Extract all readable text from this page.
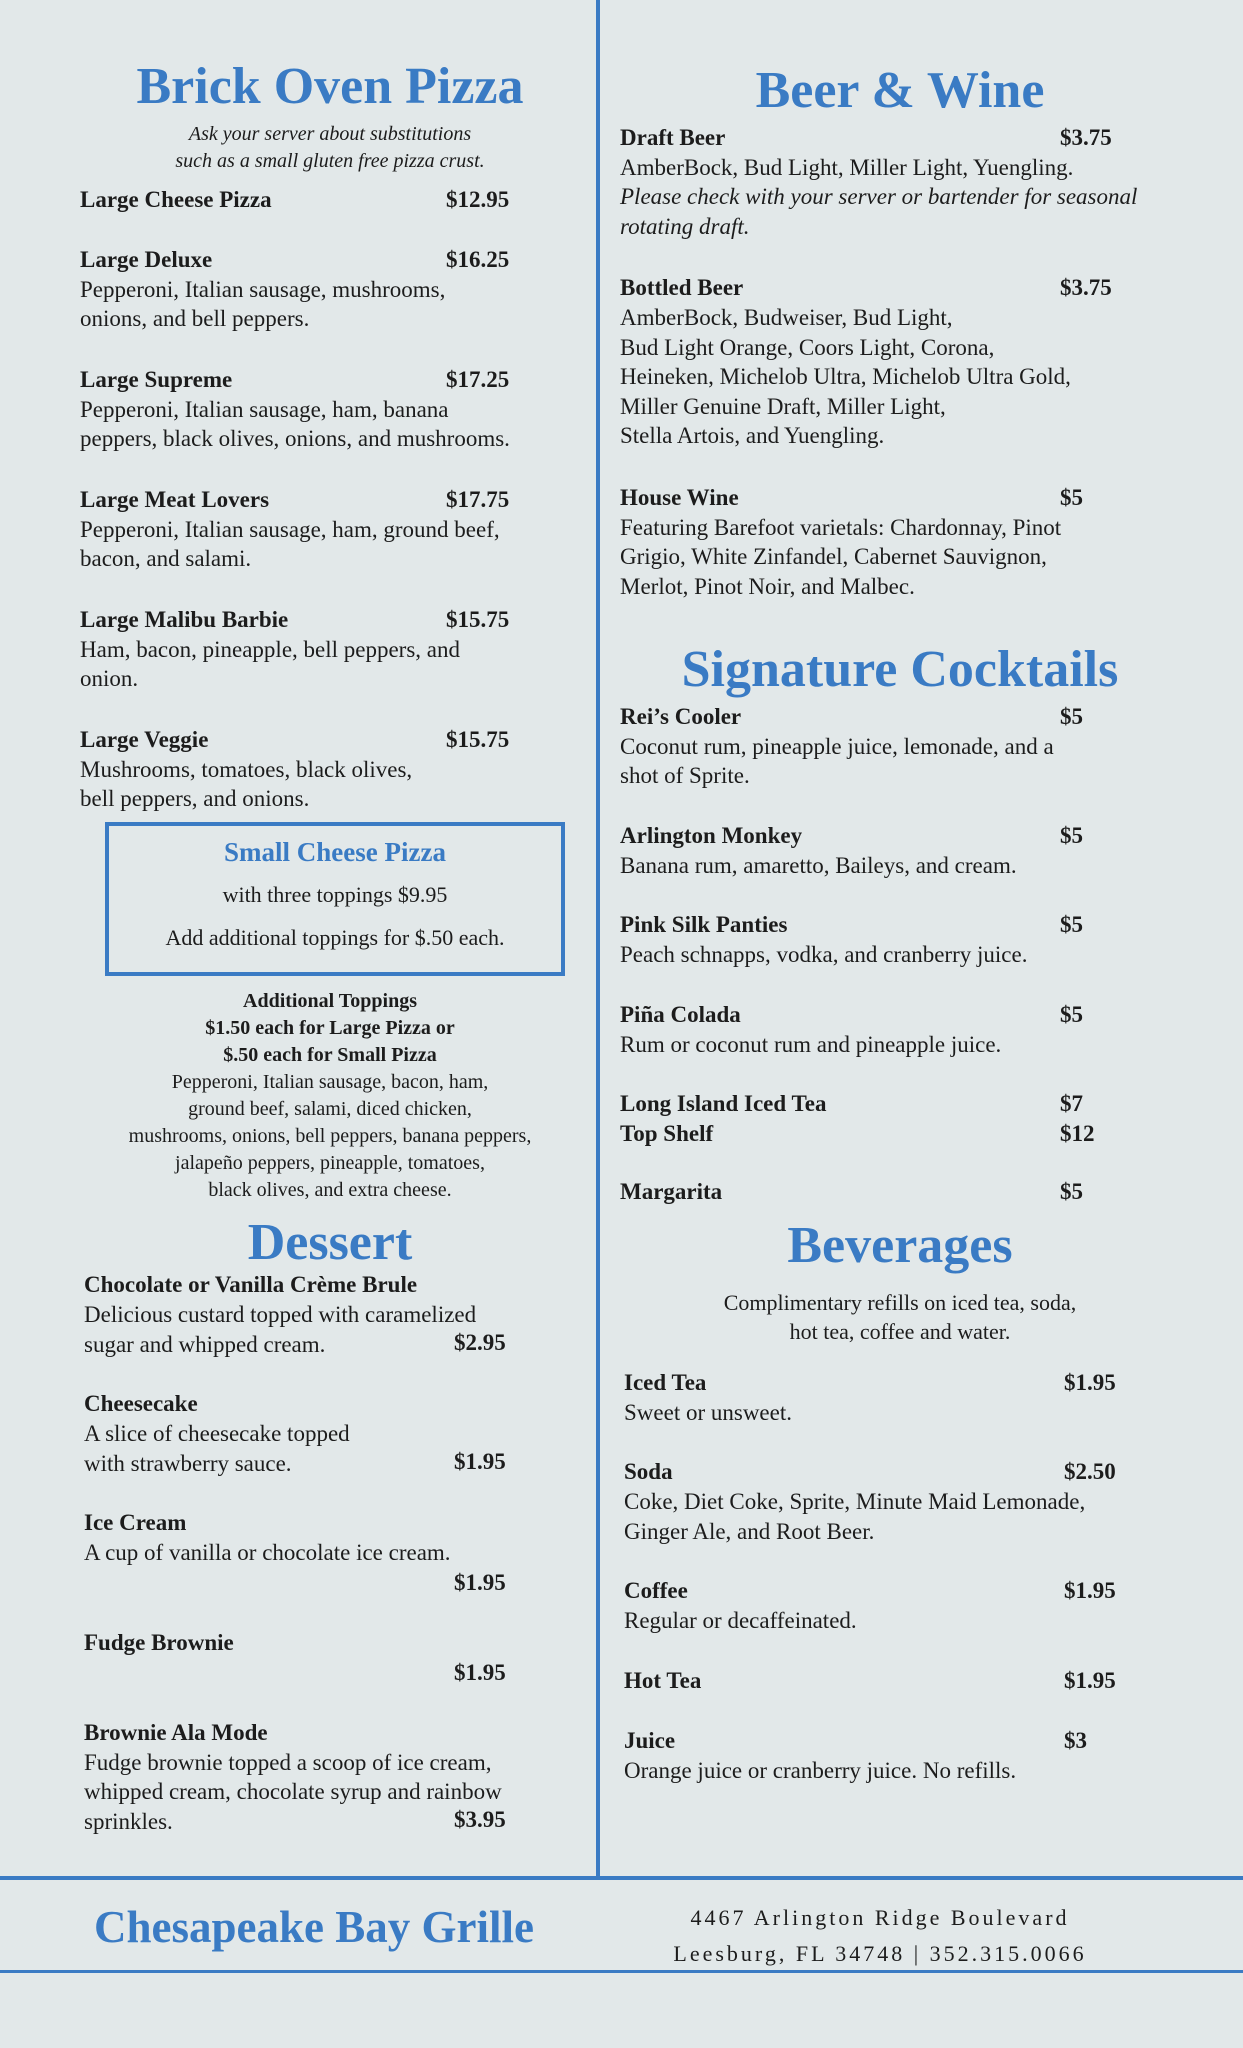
Brick Oven Pizza
Ask your server about substitutions
such as a small gluten free pizza crust.
Large Cheese Pizza	$12.95
Large Deluxe	$16.25
Pepperoni, Italian sausage, mushrooms,
onions, and bell peppers.
Large Supreme	$17.25
Pepperoni, Italian sausage, ham, banana
peppers, black olives, onions, and mushrooms.
Large Meat Lovers	$17.75
Pepperoni, Italian sausage, ham, ground beef,
bacon, and salami.
Large Malibu Barbie	$15.75
Ham, bacon, pineapple, bell peppers, and
onion.
Large Veggie	$15.75
Mushrooms, tomatoes, black olives,
bell peppers, and onions.
Small Cheese Pizza
with three toppings $9.95
Add additional toppings for $.50 each.
Additional Toppings
$1.50 each for Large Pizza or
$.50 each for Small Pizza
Pepperoni, Italian sausage, bacon, ham,
ground beef, salami, diced chicken,
mushrooms, onions, bell peppers, banana peppers,
jalapeño peppers, pineapple, tomatoes,
black olives, and extra cheese.
Dessert
Chocolate or Vanilla Crème Brule
Delicious custard topped with caramelized
sugar and whipped cream.	$2.95
Cheesecake
A slice of cheesecake topped
with strawberry sauce.	$1.95
Ice Cream
A cup of vanilla or chocolate ice cream.
$1.95
Fudge Brownie
$1.95
Brownie Ala Mode
Fudge brownie topped a scoop of ice cream,
whipped cream, chocolate syrup and rainbow
sprinkles.	$3.95
Beer & Wine
Draft Beer	$3.75
AmberBock, Bud Light, Miller Light, Yuengling.
Please check with your server or bartender for seasonal
rotating draft.
Bottled Beer	$3.75
AmberBock, Budweiser, Bud Light,
Bud Light Orange, Coors Light, Corona,
Heineken, Michelob Ultra, Michelob Ultra Gold,
Miller Genuine Draft, Miller Light,
Stella Artois, and Yuengling.
House Wine	$5
Featuring Barefoot varietals: Chardonnay, Pinot
Grigio, White Zinfandel, Cabernet Sauvignon,
Merlot, Pinot Noir, and Malbec.
Signature Cocktails
Rei’s Cooler	$5
Coconut rum, pineapple juice, lemonade, and a
shot of Sprite.
Arlington Monkey	$5
Banana rum, amaretto, Baileys, and cream.
Pink Silk Panties	$5
Peach schnapps, vodka, and cranberry juice.
Piña Colada	$5
Rum or coconut rum and pineapple juice.
Long Island Iced Tea	$7
Top Shelf	$12
Margarita	$5
Beverages
Complimentary refills on iced tea, soda,
hot tea, coffee and water.
Iced Tea	$1.95
Sweet or unsweet.
Soda	$2.50
Coke, Diet Coke, Sprite, Minute Maid Lemonade,
Ginger Ale, and Root Beer.
Coffee	$1.95
Regular or decaffeinated.
Hot Tea	$1.95
Juice	$3
Orange juice or cranberry juice. No refills.
Chesapeake Bay Grille	4467 Arlington Ridge Boulevard
Leesburg, FL 34748 | 352.315.0066
